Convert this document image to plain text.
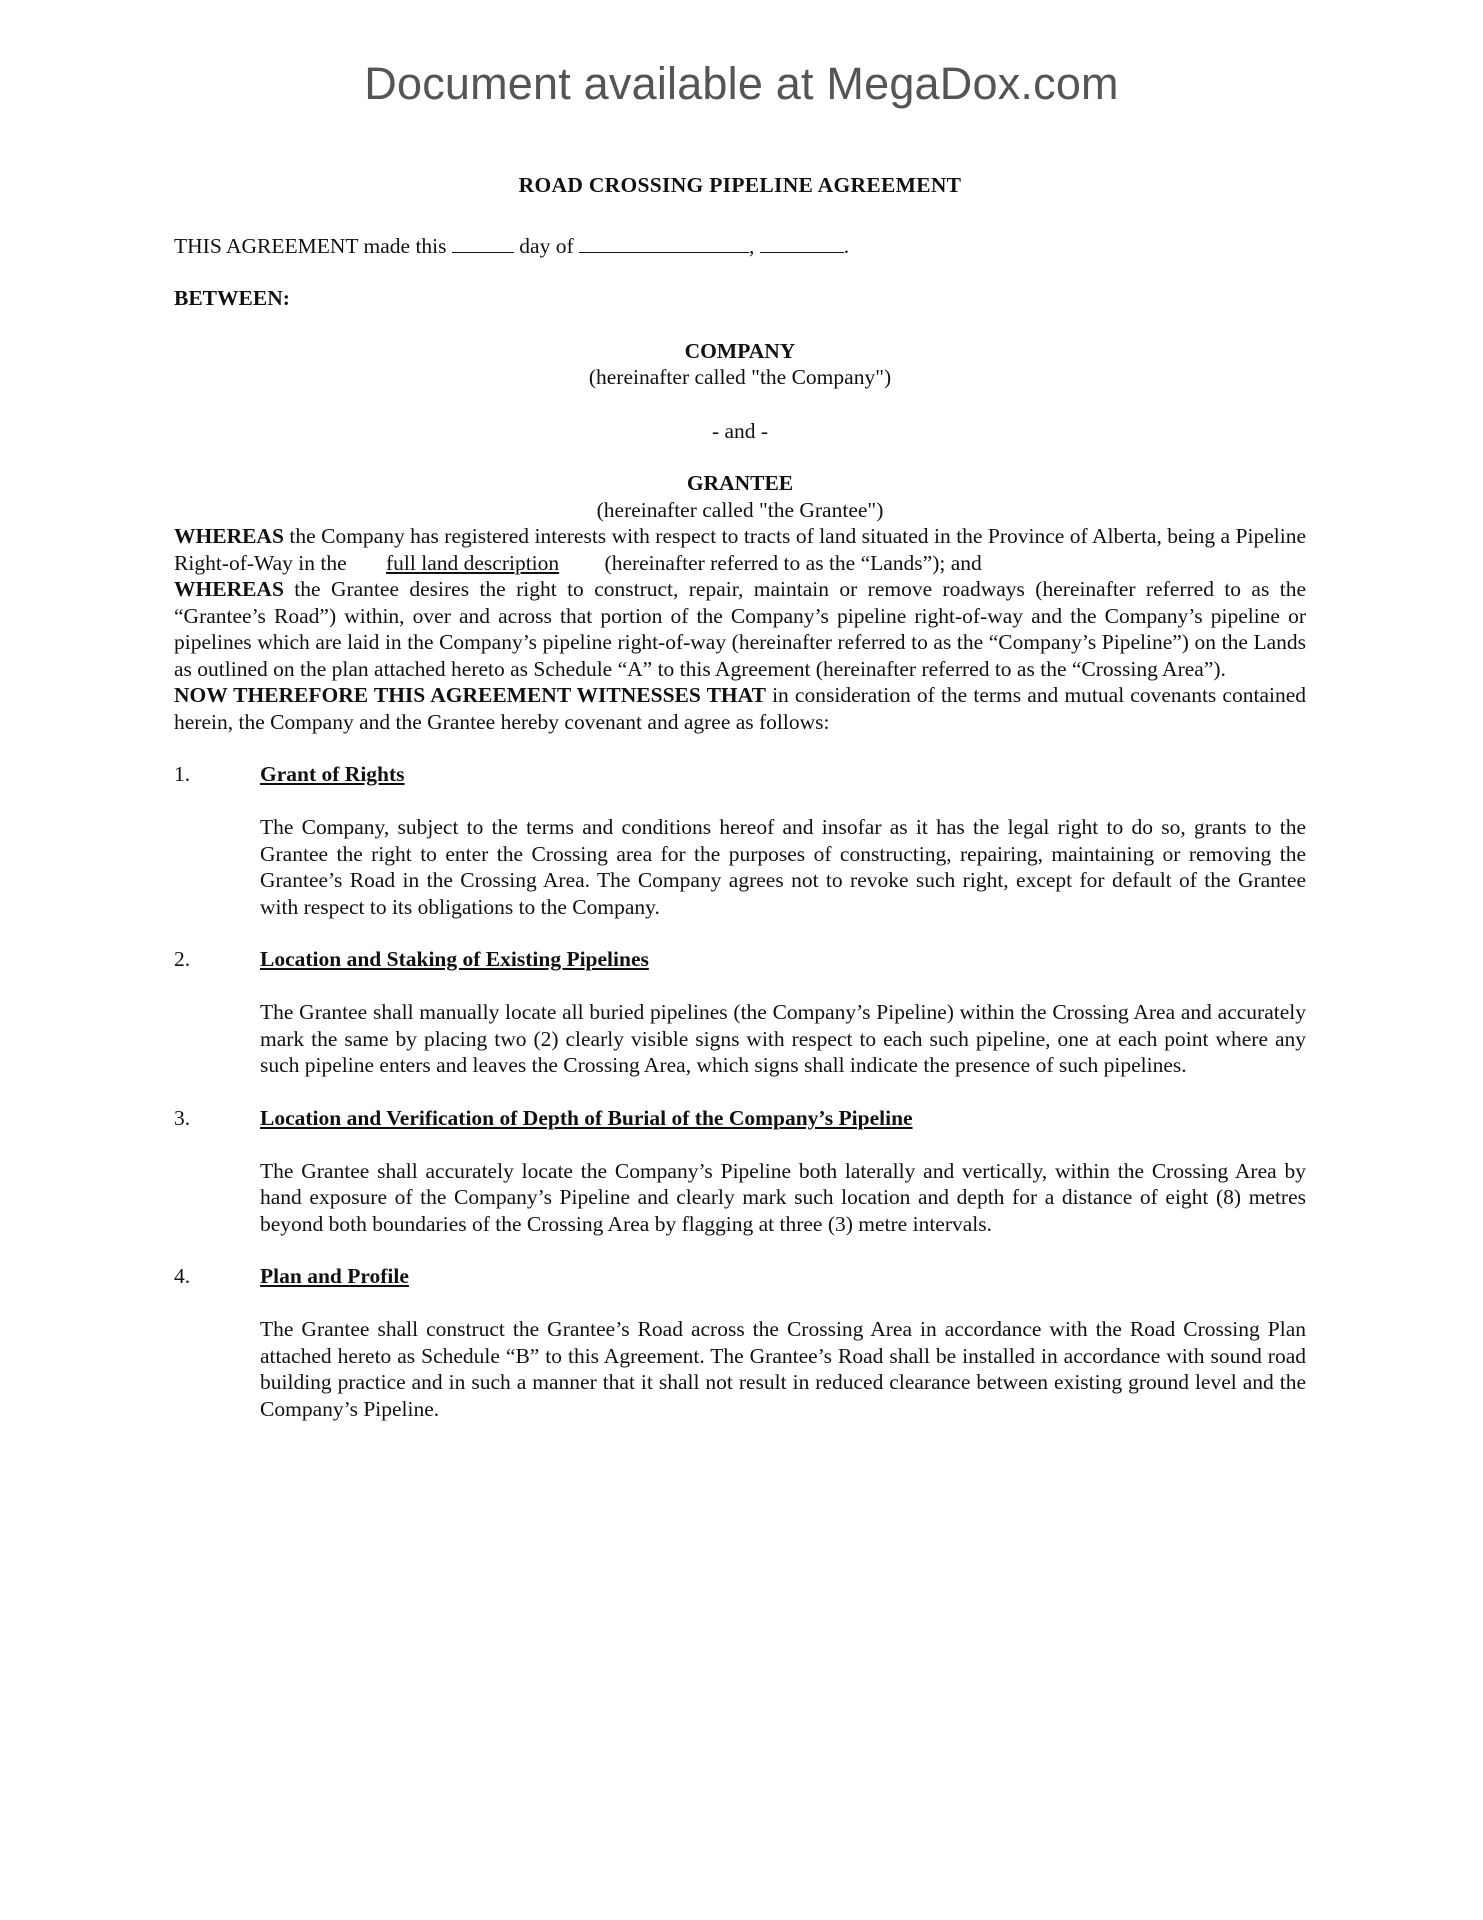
Document available at MegaDox.com

ROAD CROSSING PIPELINE AGREEMENT

THIS AGREEMENT made this	day of	,	.

BETWEEN:

COMPANY

(hereinafter called "the Company")

- and -

GRANTEE

(hereinafter called "the Grantee")

WHEREAS the Company has registered interests with respect to tracts of land situated in the Province of Alberta, being a Pipeline Right-of-Way in the full land description (hereinafter referred to as the “Lands”); and

WHEREAS the Grantee desires the right to construct, repair, maintain or remove roadways (hereinafter referred to as the “Grantee’s Road”) within, over and across that portion of the Company’s pipeline right-of-way and the Company’s pipeline or pipelines which are laid in the Company’s pipeline right-of-way (hereinafter referred to as the “Company’s Pipeline”) on the Lands as outlined on the plan attached hereto as Schedule “A” to this Agreement (hereinafter referred to as the “Crossing Area”).

NOW THEREFORE THIS AGREEMENT WITNESSES THAT in consideration of the terms and mutual covenants contained herein, the Company and the Grantee hereby covenant and agree as follows:

1.	Grant of Rights

The Company, subject to the terms and conditions hereof and insofar as it has the legal right to do so, grants to the Grantee the right to enter the Crossing area for the purposes of constructing, repairing, maintaining or removing the Grantee’s Road in the Crossing Area. The Company agrees not to revoke such right, except for default of the Grantee with respect to its obligations to the Company.

2.	Location and Staking of Existing Pipelines

The Grantee shall manually locate all buried pipelines (the Company’s Pipeline) within the Crossing Area and accurately mark the same by placing two (2) clearly visible signs with respect to each such pipeline, one at each point where any such pipeline enters and leaves the Crossing Area, which signs shall indicate the presence of such pipelines.

3.	Location and Verification of Depth of Burial of the Company’s Pipeline

The Grantee shall accurately locate the Company’s Pipeline both laterally and vertically, within the Crossing Area by hand exposure of the Company’s Pipeline and clearly mark such location and depth for a distance of eight (8) metres beyond both boundaries of the Crossing Area by flagging at three (3) metre intervals.

4.	Plan and Profile

The Grantee shall construct the Grantee’s Road across the Crossing Area in accordance with the Road Crossing Plan attached hereto as Schedule “B” to this Agreement. The Grantee’s Road shall be installed in accordance with sound road building practice and in such a manner that it shall not result in reduced clearance between existing ground level and the Company’s Pipeline.
